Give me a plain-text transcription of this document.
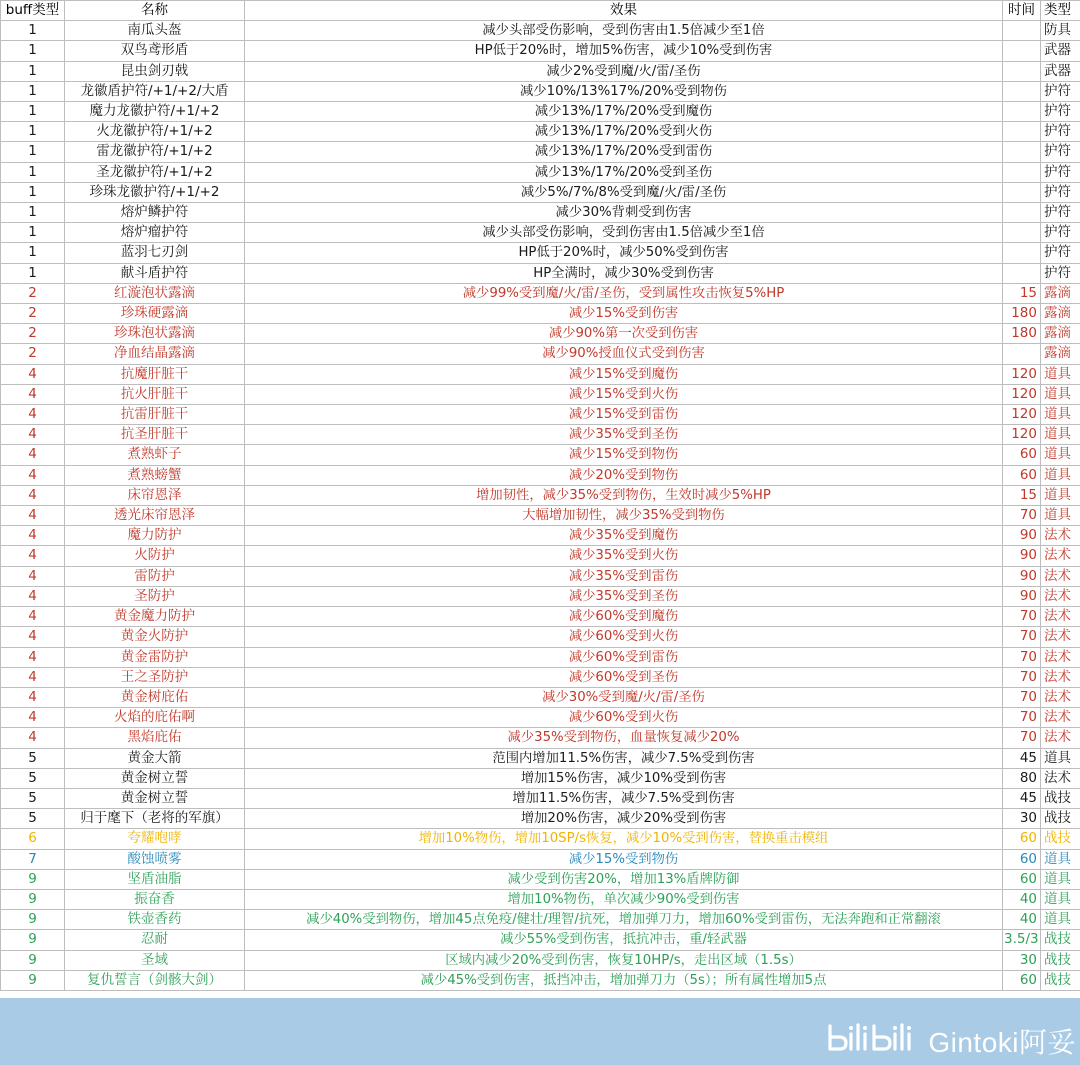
buff类型	名称	效果	时间	类型
1	南瓜头盔	减少头部受伤影响，受到伤害由1.5倍减少至1倍		防具
1	双鸟鸢形盾	HP低于20%时，增加5%伤害，减少10%受到伤害		武器
1	昆虫剑刃戟	减少2%受到魔/火/雷/圣伤		武器
1	龙徽盾护符/+1/+2/大盾	减少10%/13%17%/20%受到物伤		护符
1	魔力龙徽护符/+1/+2	减少13%/17%/20%受到魔伤		护符
1	火龙徽护符/+1/+2	减少13%/17%/20%受到火伤		护符
1	雷龙徽护符/+1/+2	减少13%/17%/20%受到雷伤		护符
1	圣龙徽护符/+1/+2	减少13%/17%/20%受到圣伤		护符
1	珍珠龙徽护符/+1/+2	减少5%/7%/8%受到魔/火/雷/圣伤		护符
1	熔炉鳞护符	减少30%背刺受到伤害		护符
1	熔炉瘤护符	减少头部受伤影响，受到伤害由1.5倍减少至1倍		护符
1	蓝羽七刃剑	HP低于20%时，减少50%受到伤害		护符
1	献斗盾护符	HP全满时，减少30%受到伤害		护符
2	红漩泡状露滴	减少99%受到魔/火/雷/圣伤，受到属性攻击恢复5%HP	15	露滴
2	珍珠硬露滴	减少15%受到伤害	180	露滴
2	珍珠泡状露滴	减少90%第一次受到伤害	180	露滴
2	净血结晶露滴	减少90%授血仪式受到伤害		露滴
4	抗魔肝脏干	减少15%受到魔伤	120	道具
4	抗火肝脏干	减少15%受到火伤	120	道具
4	抗雷肝脏干	减少15%受到雷伤	120	道具
4	抗圣肝脏干	减少35%受到圣伤	120	道具
4	煮熟虾子	减少15%受到物伤	60	道具
4	煮熟螃蟹	减少20%受到物伤	60	道具
4	床帘恩泽	增加韧性，减少35%受到物伤，生效时减少5%HP	15	道具
4	透光床帘恩泽	大幅增加韧性，减少35%受到物伤	70	道具
4	魔力防护	减少35%受到魔伤	90	法术
4	火防护	减少35%受到火伤	90	法术
4	雷防护	减少35%受到雷伤	90	法术
4	圣防护	减少35%受到圣伤	90	法术
4	黄金魔力防护	减少60%受到魔伤	70	法术
4	黄金火防护	减少60%受到火伤	70	法术
4	黄金雷防护	减少60%受到雷伤	70	法术
4	王之圣防护	减少60%受到圣伤	70	法术
4	黄金树庇佑	减少30%受到魔/火/雷/圣伤	70	法术
4	火焰的庇佑啊	减少60%受到火伤	70	法术
4	黑焰庇佑	减少35%受到物伤，血量恢复减少20%	70	法术
5	黄金大箭	范围内增加11.5%伤害，减少7.5%受到伤害	45	道具
5	黄金树立誓	增加15%伤害，减少10%受到伤害	80	法术
5	黄金树立誓	增加11.5%伤害，减少7.5%受到伤害	45	战技
5	归于麾下（老将的军旗）	增加20%伤害，减少20%受到伤害	30	战技
6	夸耀咆哮	增加10%物伤，增加10SP/s恢复，减少10%受到伤害，替换重击模组	60	战技
7	酸蚀喷雾	减少15%受到物伤	60	道具
9	坚盾油脂	减少受到伤害20%，增加13%盾牌防御	60	道具
9	振奋香	增加10%物伤，单次减少90%受到伤害	40	道具
9	铁壶香药	减少40%受到物伤，增加45点免疫/健壮/理智/抗死，增加弹刀力，增加60%受到雷伤，无法奔跑和正常翻滚	40	道具
9	忍耐	减少55%受到伤害，抵抗冲击，重/轻武器	3.5/3	战技
9	圣域	区域内减少20%受到伤害，恢复10HP/s，走出区域（1.5s）	30	战技
9	复仇誓言（剑骸大剑）	减少45%受到伤害，抵挡冲击，增加弹刀力（5s）；所有属性增加5点	60	战技
Gintoki阿妥
